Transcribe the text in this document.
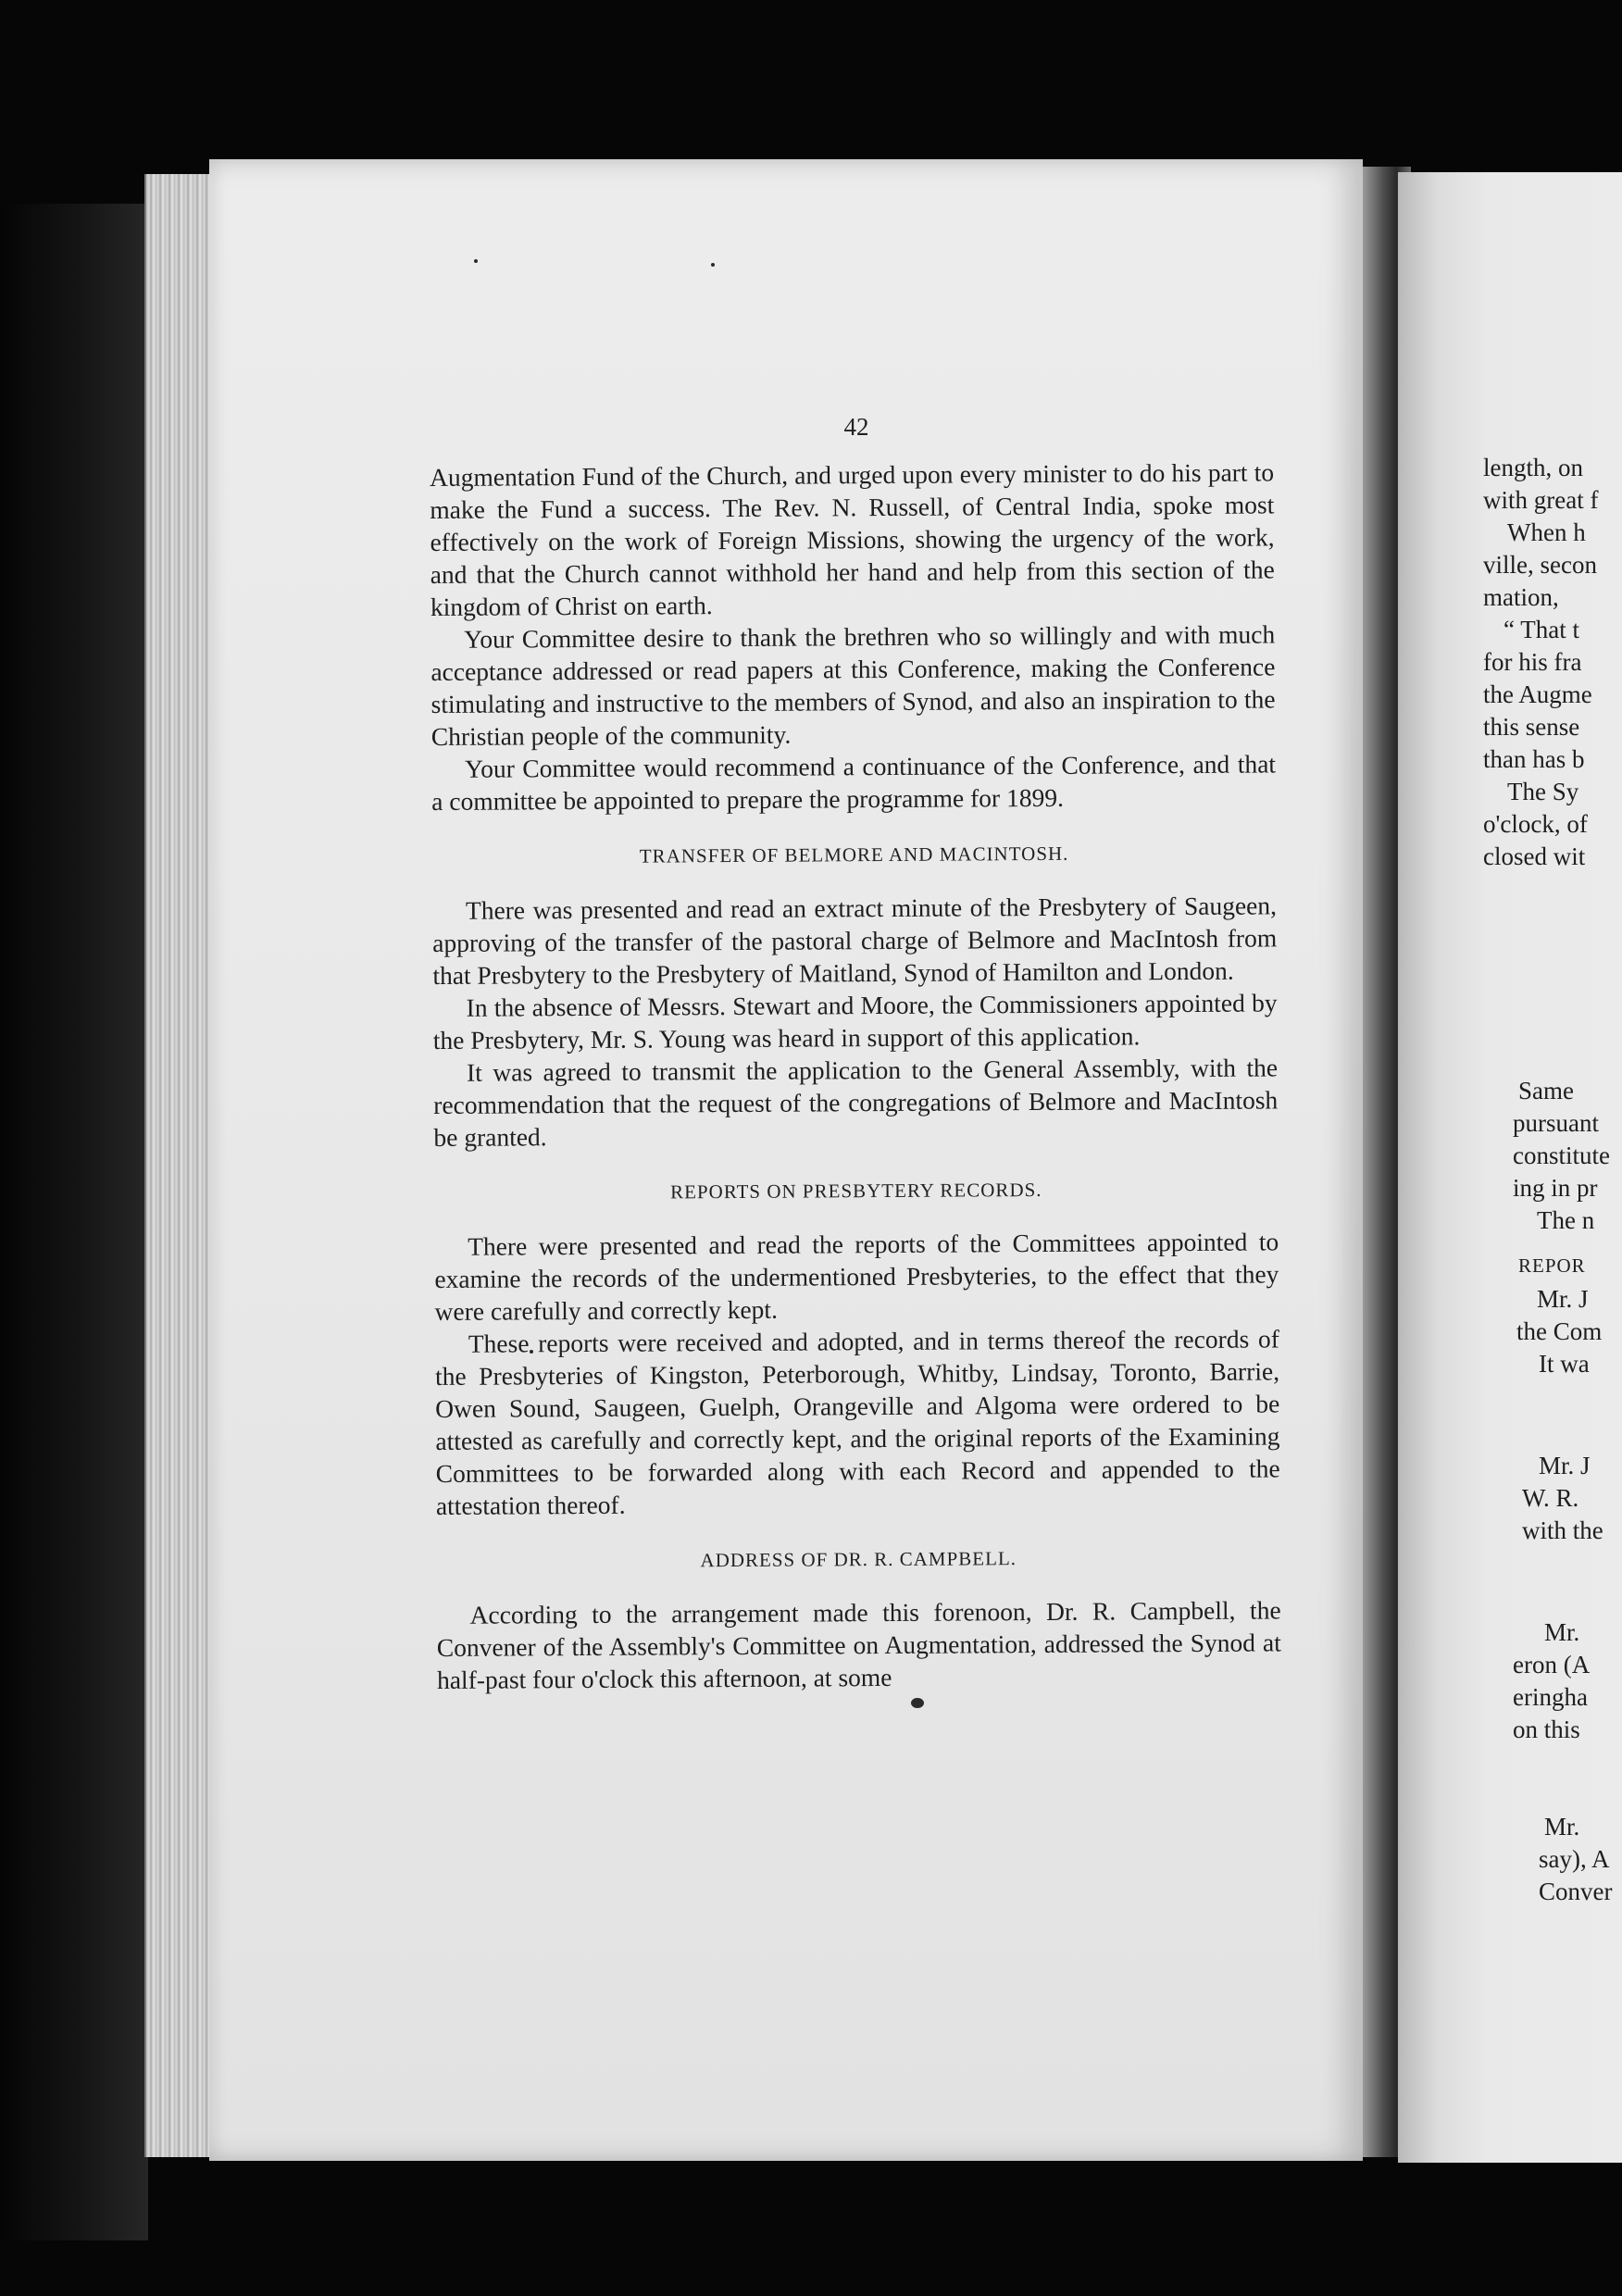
length, on
with great f
When h
ville, secon
mation,
“ That t
for his fra
the Augme
this sense
than has b
The Sy
o'clock, of
closed wit
Same
pursuant
constitute
ing in pr
The n
REPOR
Mr. J
the Com
It wa
Mr. J
W. R.
with the
Mr.
eron (A
eringha
on this
Mr.
say), A
Conver
42

Augmentation Fund of the Church, and urged upon every minister to do his part to make the Fund a success. The Rev. N. Russell, of Central India, spoke most effectively on the work of Foreign Missions, showing the urgency of the work, and that the Church cannot withhold her hand and help from this section of the kingdom of Christ on earth.

Your Committee desire to thank the brethren who so willingly and with much acceptance addressed or read papers at this Conference, making the Conference stimulating and instructive to the members of Synod, and also an inspiration to the Christian people of the community.

Your Committee would recommend a continuance of the Conference, and that a committee be appointed to prepare the programme for 1899.

TRANSFER OF BELMORE AND MACINTOSH.

There was presented and read an extract minute of the Presbytery of Saugeen, approving of the transfer of the pastoral charge of Belmore and MacIntosh from that Presbytery to the Presbytery of Maitland, Synod of Hamilton and London.

In the absence of Messrs. Stewart and Moore, the Commissioners appointed by the Presbytery, Mr. S. Young was heard in support of this application.

It was agreed to transmit the application to the General Assembly, with the recommendation that the request of the congregations of Belmore and MacIntosh be granted.

REPORTS ON PRESBYTERY RECORDS.

There were presented and read the reports of the Committees appointed to examine the records of the undermentioned Presbyteries, to the effect that they were carefully and correctly kept.

These reports were received and adopted, and in terms thereof the records of the Presbyteries of Kingston, Peterborough, Whitby, Lindsay, Toronto, Barrie, Owen Sound, Saugeen, Guelph, Orangeville and Algoma were ordered to be attested as carefully and correctly kept, and the original reports of the Examining Committees to be forwarded along with each Record and appended to the attestation thereof.

ADDRESS OF DR. R. CAMPBELL.

According to the arrangement made this forenoon, Dr. R. Campbell, the Convener of the Assembly's Committee on Augmentation, addressed the Synod at half-past four o'clock this afternoon, at some
